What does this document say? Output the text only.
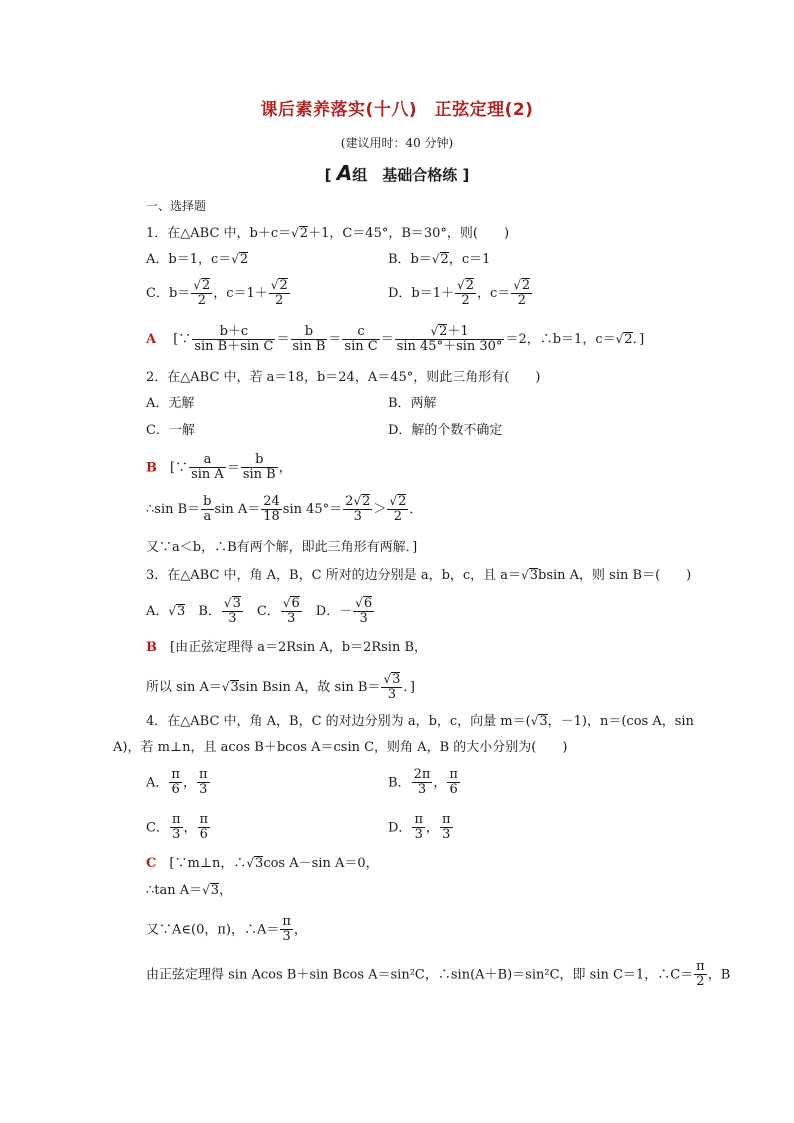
课后素养落实(十八)　正弦定理(2)
(建议用时：40 分钟)
[ A组　基础合格练 ]
一、选择题
1．在△ABC 中，b＋c＝√2＋1，C＝45°，B＝30°，则(　　)
A．b＝1，c＝√2	B．b＝√2，c＝1
C．$b= \frac{√2}{2}$ ，$c=1+ \frac{√2}{2}$	D．$b=1+ \frac{√2}{2}$ ，$c= \frac{√2}{2}$
A 　[∵ $\frac{b+c}{\text{sin B＋sin C}} = \frac{b}{\text{sin B}} = \frac{c}{\text{sin C}} = \frac{√2+1}{\sin 45^\circ+\sin 30^\circ} =2$，∴b＝1，c＝√2．]
2．在△ABC 中，若 a＝18，b＝24，A＝45°，则此三角形有(　　)
A．无解	B．两解
C．一解	D．解的个数不确定
B　[∵ $\frac{a}{\text{sin A}} = \frac{b}{\text{sin B}}$ ，
∴sin $B= \frac{b}{a}$ $\sin A= \frac{24}{18}$ $\sin 45^\circ= \frac{2√2}{3} > \frac{√2}{2}$ ．
又∵a＜b，∴B有两个解，即此三角形有两解．]
3．在△ABC 中，角 A，B，C 所对的边分别是 a，b，c，且 a＝√3bsin A，则 sin B＝(　　)
A．√3　 B． $\frac{√3}{3}$
　 C． $\frac{√6}{3}$
　 D．－ $\frac{√6}{3}$
B　 [由正弦定理得 a＝2Rsin A，b＝2Rsin B，
所以 sin A＝√3sin Bsin A，故 $\sin B= \frac{√3}{3}$ ．]
4．在△ABC 中，角 A，B，C 的对边分别为 a，b，c，向量 m＝(√3，－1)，n＝(cos A，sin
A)，若 m⊥n，且 acos B＋bcos A＝csin C，则角 A，B 的大小分别为(　　)
A． $\frac{\pi}{6}$ ， $\frac{\pi}{3}$	B． $\frac{2\pi}{3}$ ， $\frac{\pi}{6}$
C． $\frac{\pi}{3}$ ， $\frac{\pi}{6}$	D． $\frac{\pi}{3}$ ， $\frac{\pi}{3}$
C　 [∵m⊥n，∴√3cos A－sin A＝0，
∴tan A＝√3，
又∵A∈(0，π)，∴A＝ $\frac{\pi}{3}$ ，
由正弦定理得 sin Acos B＋sin Bcos A＝sin²C，∴sin(A＋B)＝sin²C，即 sin C＝1，∴C＝ $\frac{\pi}{2}$ ，B
